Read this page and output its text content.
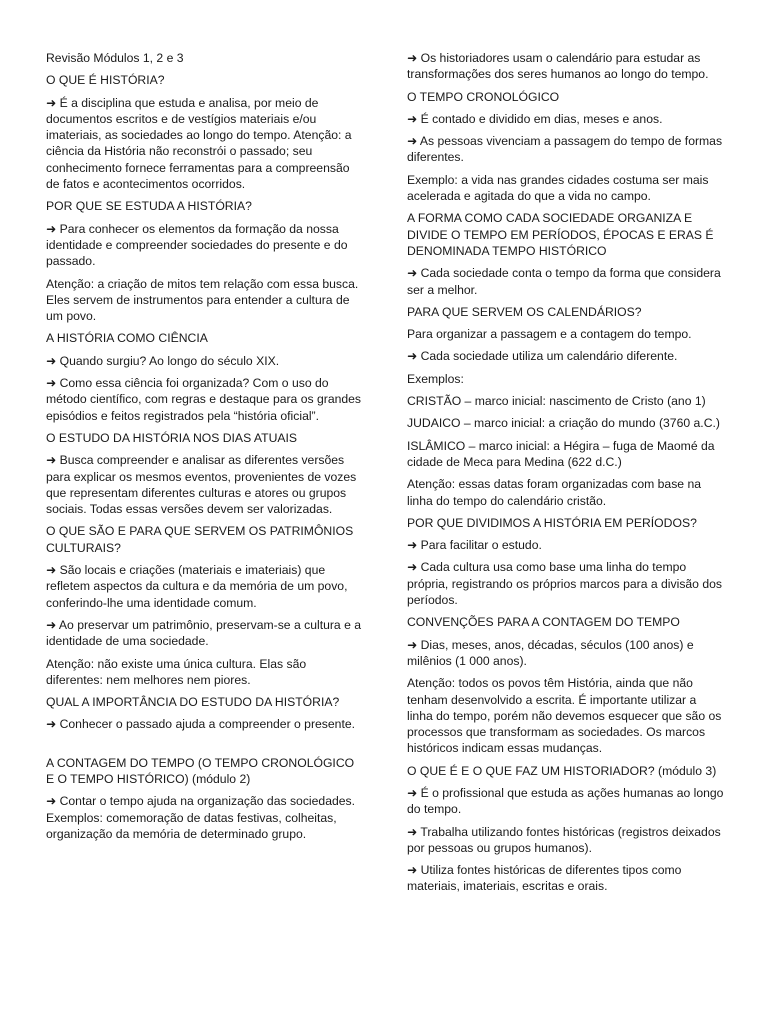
Revisão Módulos 1, 2 e 3

O QUE É HISTÓRIA?

➜ É a disciplina que estuda e analisa, por meio de documentos escritos e de vestígios materiais e/ou imateriais, as sociedades ao longo do tempo. Atenção: a ciência da História não reconstrói o passado; seu conhecimento fornece ferramentas para a compreensão de fatos e acontecimentos ocorridos.

POR QUE SE ESTUDA A HISTÓRIA?

➜ Para conhecer os elementos da formação da nossa identidade e compreender sociedades do presente e do passado.

Atenção: a criação de mitos tem relação com essa busca. Eles servem de instrumentos para entender a cultura de um povo.

A HISTÓRIA COMO CIÊNCIA

➜ Quando surgiu? Ao longo do século XIX.

➜ Como essa ciência foi organizada? Com o uso do método científico, com regras e destaque para os grandes episódios e feitos registrados pela “história oficial”.

O ESTUDO DA HISTÓRIA NOS DIAS ATUAIS

➜ Busca compreender e analisar as diferentes versões para explicar os mesmos eventos, provenientes de vozes que representam diferentes culturas e atores ou grupos sociais. Todas essas versões devem ser valorizadas.

O QUE SÃO E PARA QUE SERVEM OS PATRIMÔNIOS CULTURAIS?

➜ São locais e criações (materiais e imateriais) que refletem aspectos da cultura e da memória de um povo, conferindo-lhe uma identidade comum.

➜ Ao preservar um patrimônio, preservam-se a cultura e a identidade de uma sociedade.

Atenção: não existe uma única cultura. Elas são diferentes: nem melhores nem piores.

QUAL A IMPORTÂNCIA DO ESTUDO DA HISTÓRIA?

➜ Conhecer o passado ajuda a compreender o presente.

A CONTAGEM DO TEMPO (O TEMPO CRONOLÓGICO E O TEMPO HISTÓRICO) (módulo 2)

➜ Contar o tempo ajuda na organização das sociedades. Exemplos: comemoração de datas festivas, colheitas, organização da memória de determinado grupo.

➜ Os historiadores usam o calendário para estudar as transformações dos seres humanos ao longo do tempo.

O TEMPO CRONOLÓGICO

➜ É contado e dividido em dias, meses e anos.

➜ As pessoas vivenciam a passagem do tempo de formas diferentes.

Exemplo: a vida nas grandes cidades costuma ser mais acelerada e agitada do que a vida no campo.

A FORMA COMO CADA SOCIEDADE ORGANIZA E DIVIDE O TEMPO EM PERÍODOS, ÉPOCAS E ERAS É DENOMINADA TEMPO HISTÓRICO

➜ Cada sociedade conta o tempo da forma que considera ser a melhor.

PARA QUE SERVEM OS CALENDÁRIOS?

Para organizar a passagem e a contagem do tempo.

➜ Cada sociedade utiliza um calendário diferente.

Exemplos:

CRISTÃO – marco inicial: nascimento de Cristo (ano 1)

JUDAICO – marco inicial: a criação do mundo (3760 a.C.)

ISLÂMICO – marco inicial: a Hégira – fuga de Maomé da cidade de Meca para Medina (622 d.C.)

Atenção: essas datas foram organizadas com base na linha do tempo do calendário cristão.

POR QUE DIVIDIMOS A HISTÓRIA EM PERÍODOS?

➜ Para facilitar o estudo.

➜ Cada cultura usa como base uma linha do tempo própria, registrando os próprios marcos para a divisão dos períodos.

CONVENÇÕES PARA A CONTAGEM DO TEMPO

➜ Dias, meses, anos, décadas, séculos (100 anos) e milênios (1 000 anos).

Atenção: todos os povos têm História, ainda que não tenham desenvolvido a escrita. É importante utilizar a linha do tempo, porém não devemos esquecer que são os processos que transformam as sociedades. Os marcos históricos indicam essas mudanças.

O QUE É E O QUE FAZ UM HISTORIADOR? (módulo 3)

➜ É o profissional que estuda as ações humanas ao longo do tempo.

➜ Trabalha utilizando fontes históricas (registros deixados por pessoas ou grupos humanos).

➜ Utiliza fontes históricas de diferentes tipos como materiais, imateriais, escritas e orais.
